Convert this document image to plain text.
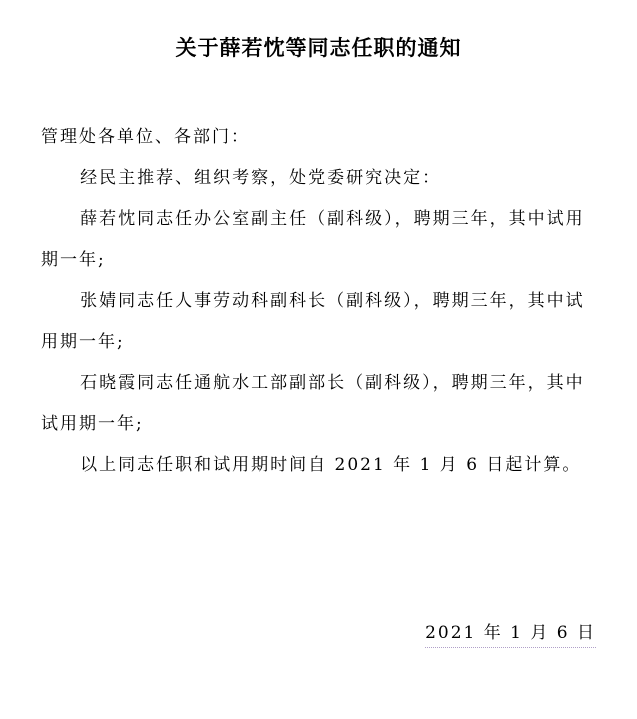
关于薛若忱等同志任职的通知

管理处各单位、各部门：

经民主推荐、组织考察，处党委研究决定：

薛若忱同志任办公室副主任（副科级），聘期三年，其中试用期一年;

张婧同志任人事劳动科副科长（副科级），聘期三年，其中试用期一年;

石晓霞同志任通航水工部副部长（副科级），聘期三年，其中试用期一年;

以上同志任职和试用期时间自 2021 年 1 月 6 日起计算。

2021 年 1 月 6 日
